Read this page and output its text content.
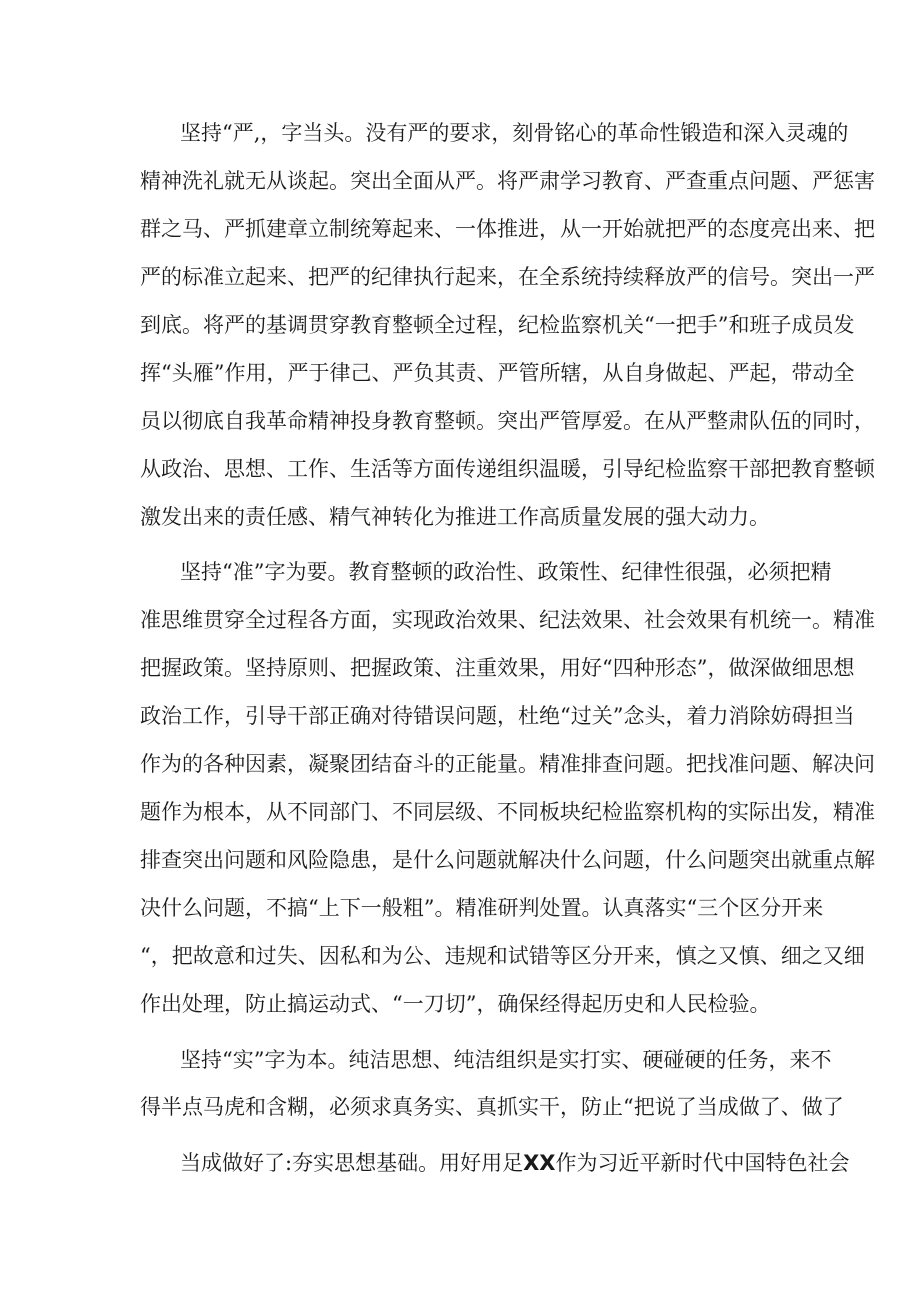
坚持“严,，字当头。没有严的要求，刻骨铭心的革命性锻造和深入灵魂的
精神洗礼就无从谈起。突出全面从严。将严肃学习教育、严查重点问题、严惩害
群之马、严抓建章立制统筹起来、一体推进，从一开始就把严的态度亮出来、把
严的标准立起来、把严的纪律执行起来，在全系统持续释放严的信号。突出一严
到底。将严的基调贯穿教育整顿全过程，纪检监察机关“一把手”和班子成员发
挥“头雁”作用，严于律己、严负其责、严管所辖，从自身做起、严起，带动全
员以彻底自我革命精神投身教育整顿。突出严管厚爱。在从严整肃队伍的同时，
从政治、思想、工作、生活等方面传递组织温暖，引导纪检监察干部把教育整顿
激发出来的责任感、精气神转化为推进工作高质量发展的强大动力。
坚持“准”字为要。教育整顿的政治性、政策性、纪律性很强，必须把精
准思维贯穿全过程各方面，实现政治效果、纪法效果、社会效果有机统一。精准
把握政策。坚持原则、把握政策、注重效果，用好“四种形态”，做深做细思想
政治工作，引导干部正确对待错误问题，杜绝“过关”念头，着力消除妨碍担当
作为的各种因素，凝聚团结奋斗的正能量。精准排查问题。把找准问题、解决问
题作为根本，从不同部门、不同层级、不同板块纪检监察机构的实际出发，精准
排查突出问题和风险隐患，是什么问题就解决什么问题，什么问题突出就重点解
决什么问题，不搞“上下一般粗”。精准研判处置。认真落实“三个区分开来
“，把故意和过失、因私和为公、违规和试错等区分开来，慎之又慎、细之又细
作出处理，防止搞运动式、“一刀切”，确保经得起历史和人民检验。
坚持“实”字为本。纯洁思想、纯洁组织是实打实、硬碰硬的任务，来不
得半点马虎和含糊，必须求真务实、真抓实干，防止“把说了当成做了、做了
当成做好了:夯实思想基础。用好用足XX作为习近平新时代中国特色社会
